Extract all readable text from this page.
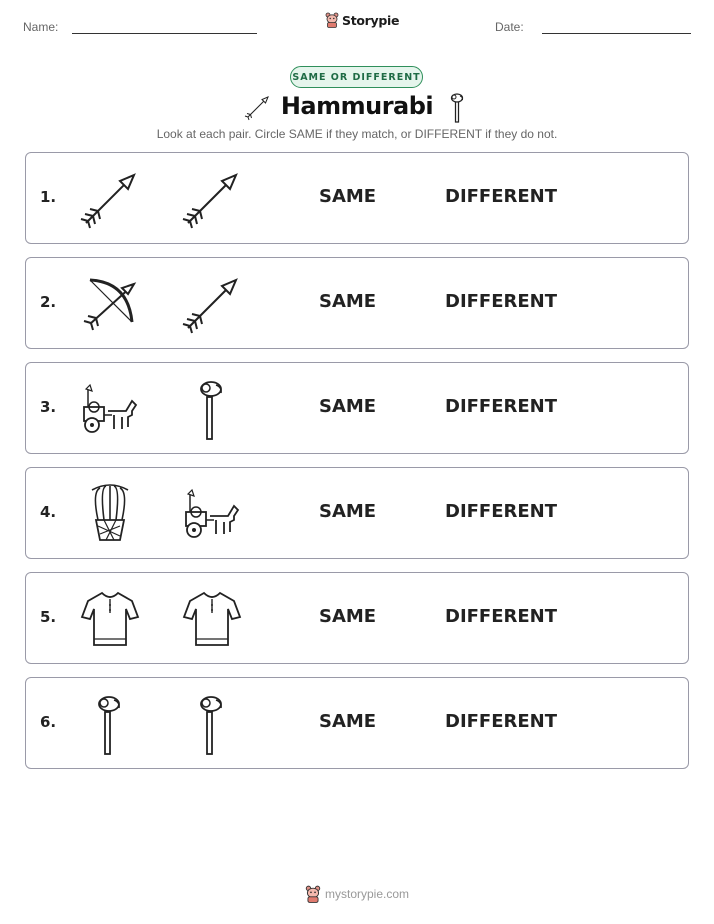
Name:	Storypie	Date:
SAME OR DIFFERENT
Hammurabi
Look at each pair. Circle SAME if they match, or DIFFERENT if they do not.
1.	SAME	DIFFERENT
2.	SAME	DIFFERENT
3.	SAME	DIFFERENT
4.	SAME	DIFFERENT
5.	SAME	DIFFERENT
6.	SAME	DIFFERENT
mystorypie.com
